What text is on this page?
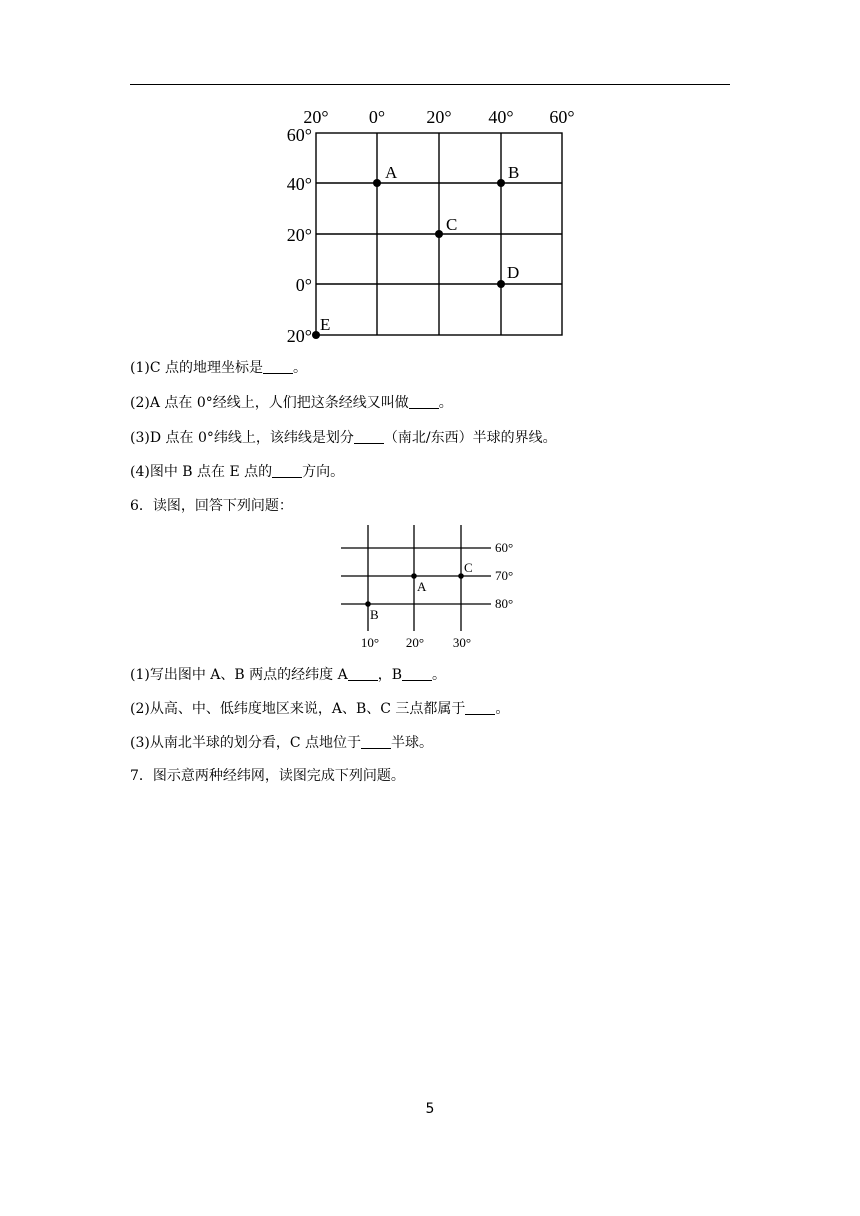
20° 0° 20° 40° 60°
60°
40°
20°
0°
20°
A	B
C
D
E
(1)C 点的地理坐标是 。
(2)A 点在 0°经线上，人们把这条经线又叫做 。
(3)D 点在 0°纬线上，该纬线是划分 （南北/东西）半球的界线。
(4)图中 B 点在 E 点的 方向。
6．读图，回答下列问题：
60°
70°
80°
10° 20° 30°
A
B
C
(1)写出图中 A、B 两点的经纬度 A ，B 。
(2)从高、中、低纬度地区来说，A、B、C 三点都属于 。
(3)从南北半球的划分看，C 点地位于 半球。
7．图示意两种经纬网，读图完成下列问题。
5
